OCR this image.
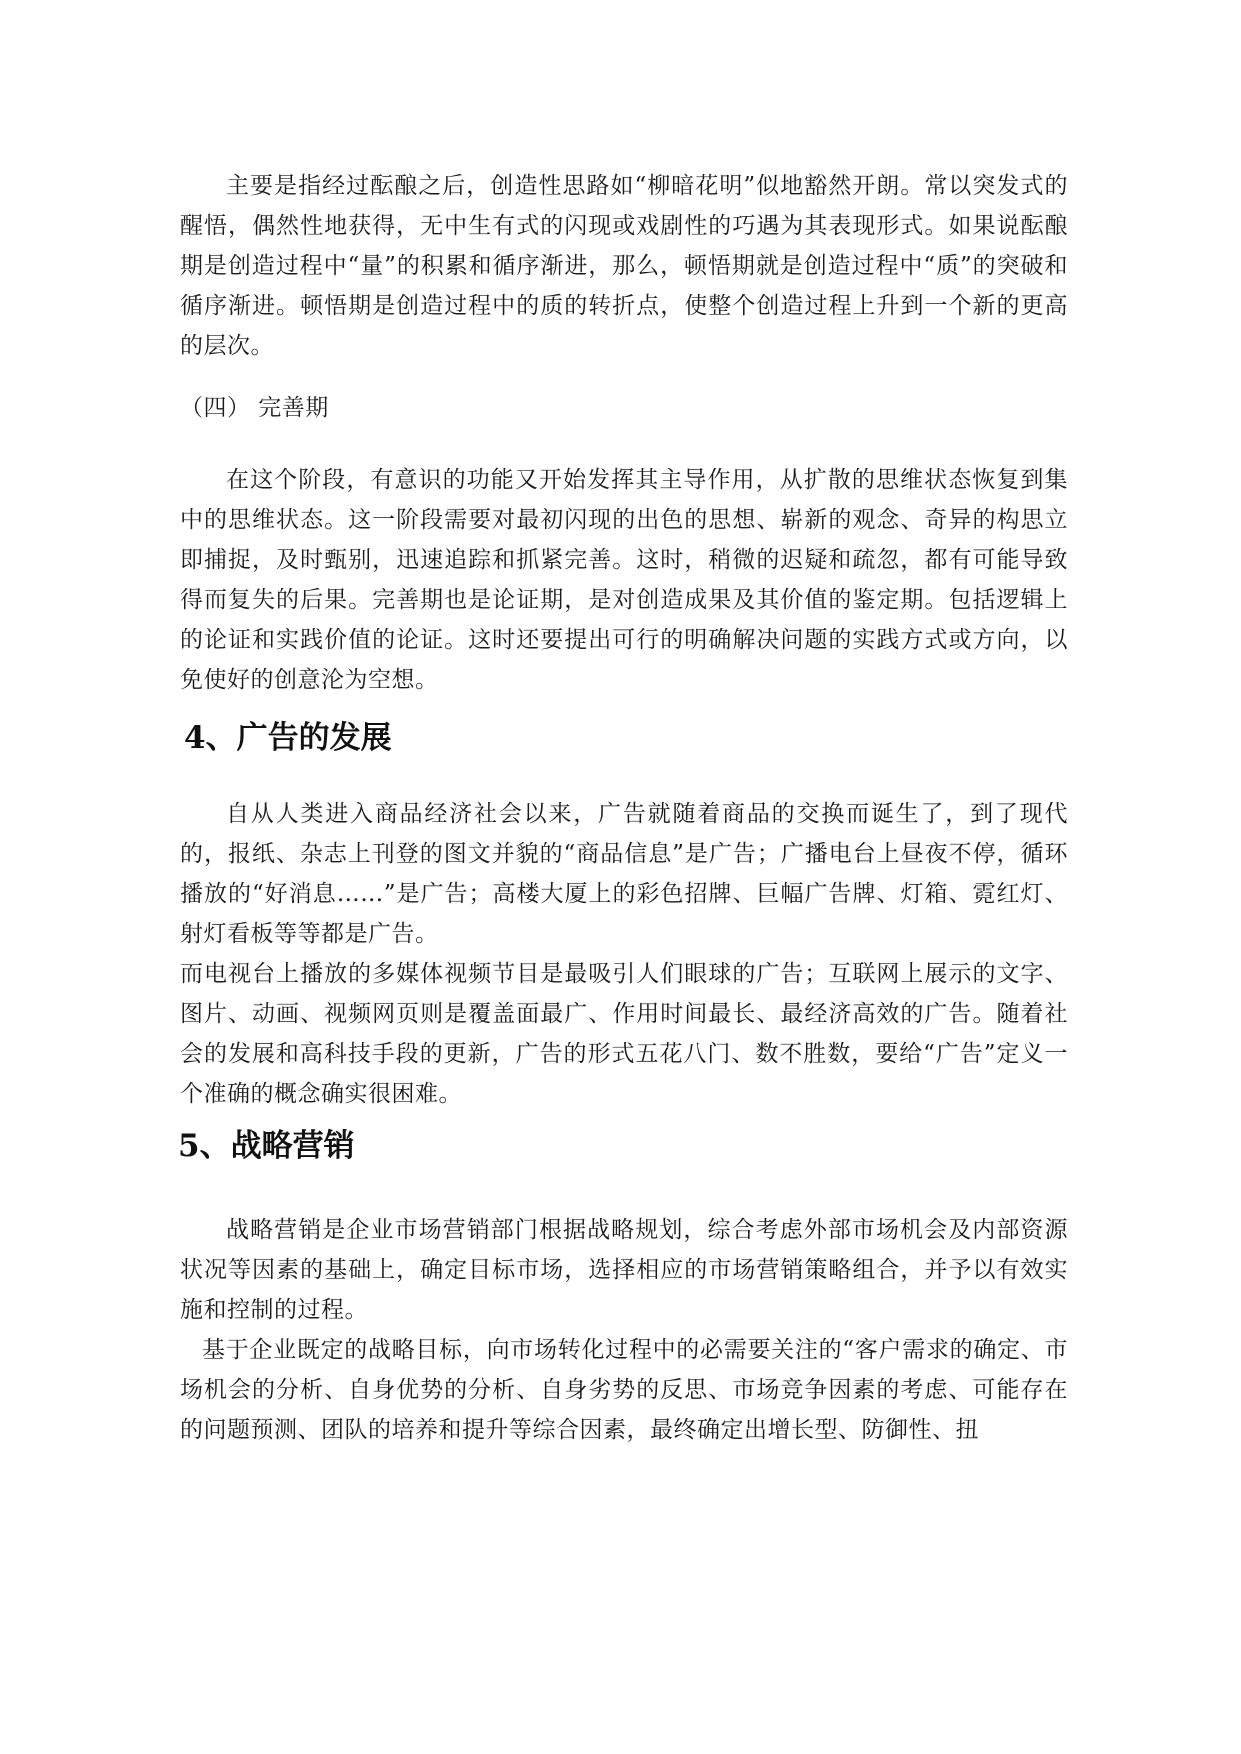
主要是指经过酝酿之后，创造性思路如“柳暗花明”似地豁然开朗。常以突发式的醒悟，偶然性地获得，无中生有式的闪现或戏剧性的巧遇为其表现形式。如果说酝酿期是创造过程中“量”的积累和循序渐进，那么，顿悟期就是创造过程中“质”的突破和循序渐进。顿悟期是创造过程中的质的转折点，使整个创造过程上升到一个新的更高的层次。

（四） 完善期

在这个阶段，有意识的功能又开始发挥其主导作用，从扩散的思维状态恢复到集中的思维状态。这一阶段需要对最初闪现的出色的思想、崭新的观念、奇异的构思立即捕捉，及时甄别，迅速追踪和抓紧完善。这时，稍微的迟疑和疏忽，都有可能导致得而复失的后果。完善期也是论证期，是对创造成果及其价值的鉴定期。包括逻辑上的论证和实践价值的论证。这时还要提出可行的明确解决问题的实践方式或方向，以免使好的创意沦为空想。

4、广告的发展

自从人类进入商品经济社会以来，广告就随着商品的交换而诞生了，到了现代的，报纸、杂志上刊登的图文并貌的“商品信息”是广告；广播电台上昼夜不停，循环播放的“好消息……”是广告；高楼大厦上的彩色招牌、巨幅广告牌、灯箱、霓红灯、射灯看板等等都是广告。

而电视台上播放的多媒体视频节目是最吸引人们眼球的广告；互联网上展示的文字、图片、动画、视频网页则是覆盖面最广、作用时间最长、最经济高效的广告。随着社会的发展和高科技手段的更新，广告的形式五花八门、数不胜数，要给“广告”定义一个准确的概念确实很困难。

5、战略营销

战略营销是企业市场营销部门根据战略规划，综合考虑外部市场机会及内部资源状况等因素的基础上，确定目标市场，选择相应的市场营销策略组合，并予以有效实施和控制的过程。

基于企业既定的战略目标，向市场转化过程中的必需要关注的“客户需求的确定、市场机会的分析、自身优势的分析、自身劣势的反思、市场竞争因素的考虑、可能存在的问题预测、团队的培养和提升等综合因素，最终确定出增长型、防御性、扭
